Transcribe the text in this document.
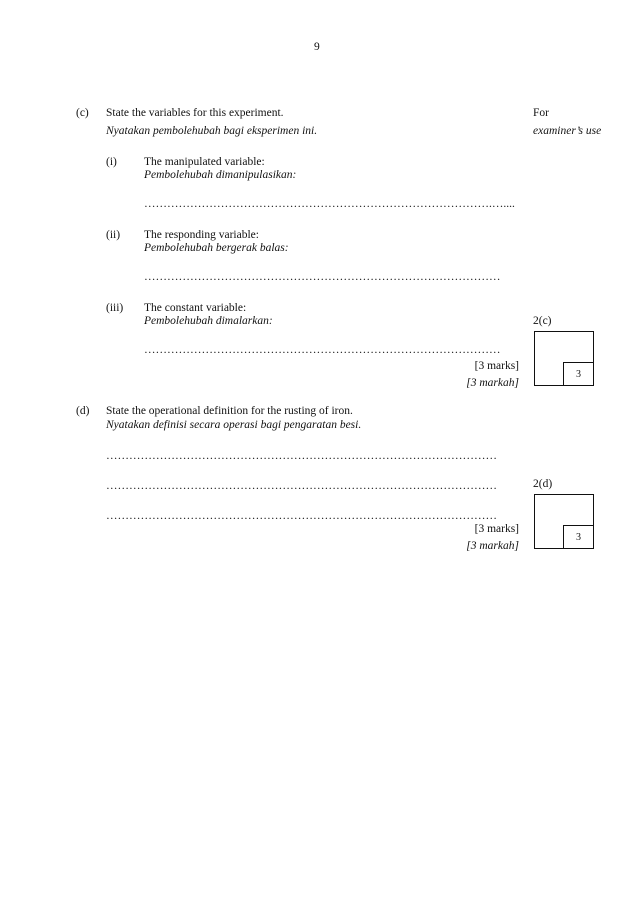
9
For
examiner’s use
(c) State the variables for this experiment.
Nyatakan pembolehubah bagi eksperimen ini.
(i) The manipulated variable:
Pembolehubah dimanipulasikan:
……………………………………………………………………………….…....
(ii) The responding variable:
Pembolehubah bergerak balas:
…………………………………………………………………………………
(iii) The constant variable:
Pembolehubah dimalarkan:	2(c)
…………………………………………………………………………………
[3 marks]
[3 markah]
3
(d) State the operational definition for the rusting of iron.
Nyatakan definisi secara operasi bagi pengaratan besi.
…………………………………………………………………………………………
…………………………………………………………………………………………	2(d)
…………………………………………………………………………………………
[3 marks]
[3 markah]
3
